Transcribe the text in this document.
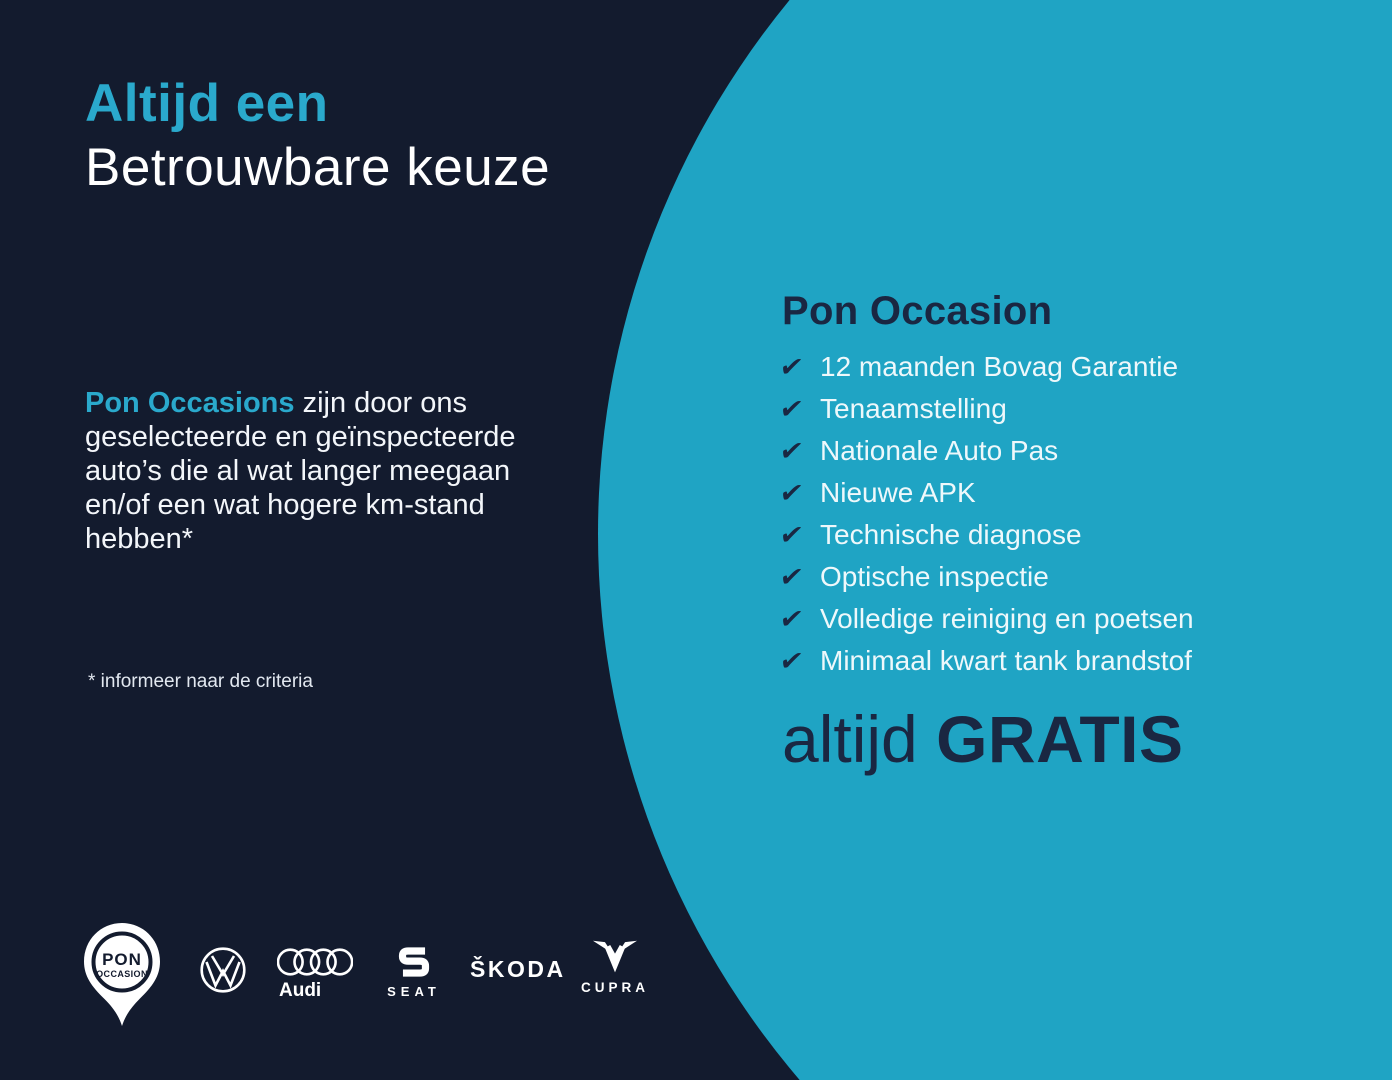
Altijd een
Betrouwbare keuze

Pon Occasions zijn door ons geselecteerde en geïnspecteerde auto’s die al wat langer meegaan en/of een wat hogere km-stand hebben*

* informeer naar de criteria
Pon Occasion
✔ 12 maanden Bovag Garantie
✔ Tenaamstelling
✔ Nationale Auto Pas
✔ Nieuwe APK
✔ Technische diagnose
✔ Optische inspectie
✔ Volledige reiniging en poetsen
✔ Minimaal kwart tank brandstof
altijd GRATIS
PON
OCCASION
Audi	SEAT
ŠKODA
CUPRA
